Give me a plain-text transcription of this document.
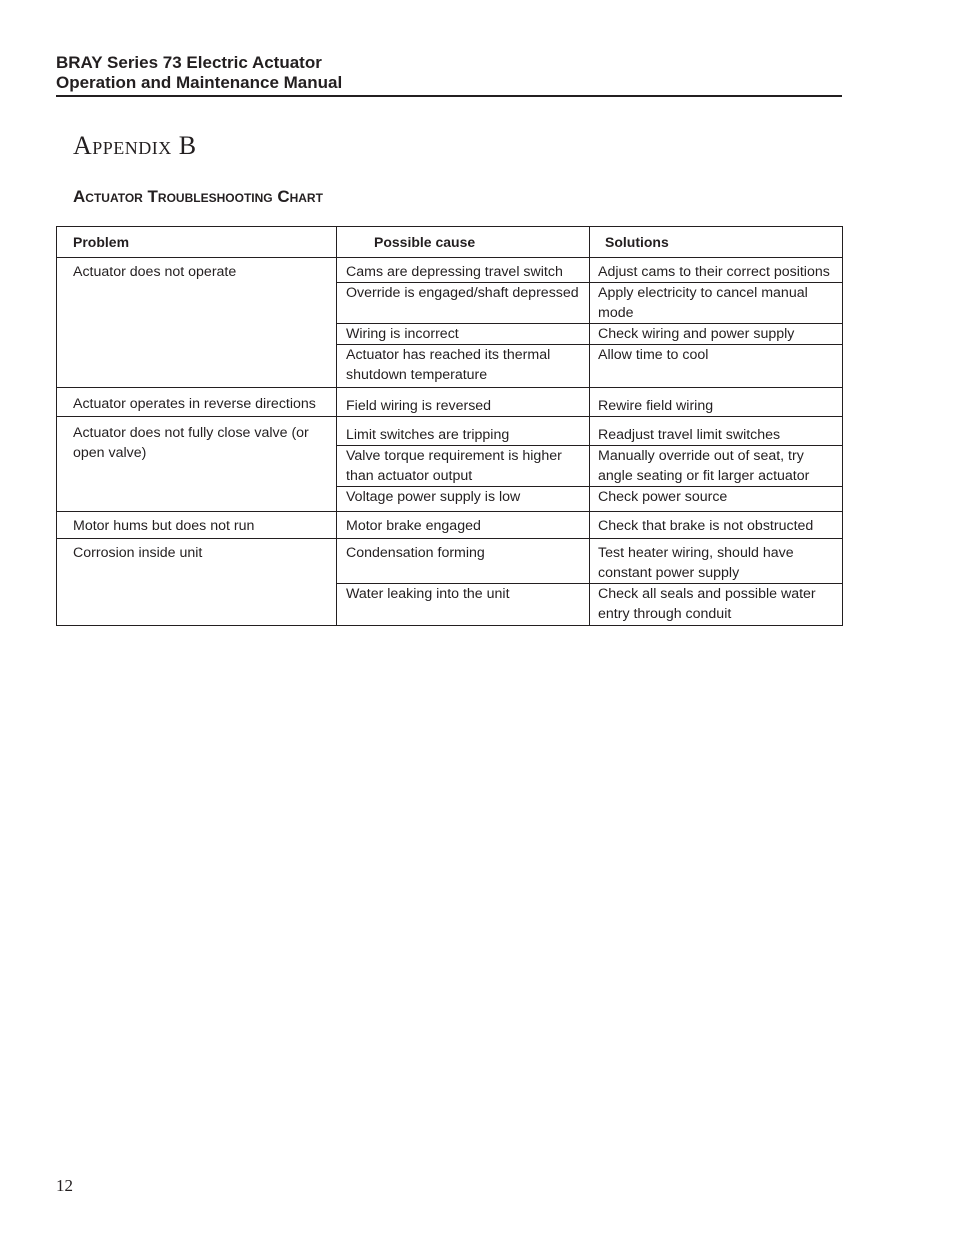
BRAY Series 73 Electric Actuator
Operation and Maintenance Manual
Appendix B
Actuator Troubleshooting Chart
Problem	Possible cause	Solutions
Actuator does not operate	Cams are depressing travel switch	Adjust cams to their correct positions
	Override is engaged/shaft depressed	Apply electricity to cancel manual mode
	Wiring is incorrect	Check wiring and power supply
	Actuator has reached its thermal shutdown temperature	Allow time to cool
Actuator operates in reverse directions	Field wiring is reversed	Rewire field wiring
Actuator does not fully close valve (or open valve)	Limit switches are tripping	Readjust travel limit switches
	Valve torque requirement is higher than actuator output	Manually override out of seat, try angle seating or fit larger actuator
	Voltage power supply is low	Check power source
Motor hums but does not run	Motor brake engaged	Check that brake is not obstructed
Corrosion inside unit	Condensation forming	Test heater wiring, should have constant power supply
	Water leaking into the unit	Check all seals and possible water entry through conduit
12
